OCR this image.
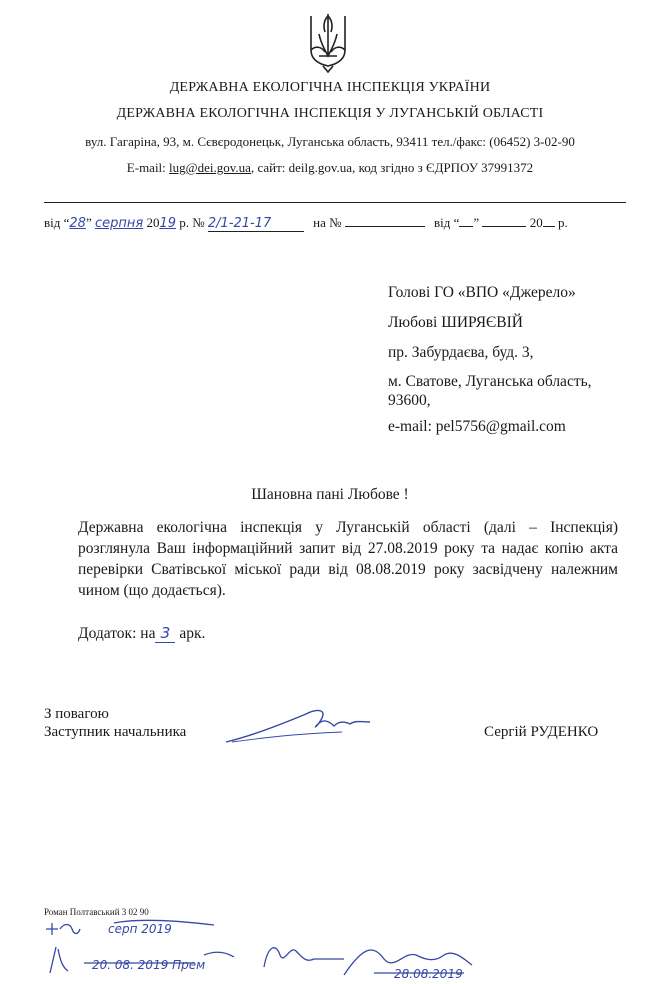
ДЕРЖАВНА ЕКОЛОГІЧНА ІНСПЕКЦІЯ УКРАЇНИ
ДЕРЖАВНА ЕКОЛОГІЧНА ІНСПЕКЦІЯ У ЛУГАНСЬКІЙ ОБЛАСТІ
вул. Гагаріна, 93, м. Сєвєродонецьк, Луганська область, 93411 тел./факс: (06452) 3-02-90
E-mail: lug@dei.gov.ua, сайт: deilg.gov.ua, код згідно з ЄДРПОУ 37991372
від “28” серпня 2019 р. № 2/1-21-17	на №	від “ ”	20 р.
Голові ГО «ВПО «Джерело»
Любові ШИРЯЄВІЙ
пр. Забурдаєва, буд. 3,
м. Сватове, Луганська область,
93600,
e-mail: pel5756@gmail.com
Шановна пані Любове !

Державна екологічна інспекція у Луганській області (далі – Інспекція) розглянула Ваш інформаційний запит від 27.08.2019 року та надає копію акта перевірки Сватівської міської ради від 08.08.2019 року засвідчену належним чином (що додається).

Додаток: на 3 арк.
З повагою
Заступник начальника	Сергій РУДЕНКО
Роман Полтавський 3 02 90
серп 2019
20. 08. 2019 Прем
28.08.2019
